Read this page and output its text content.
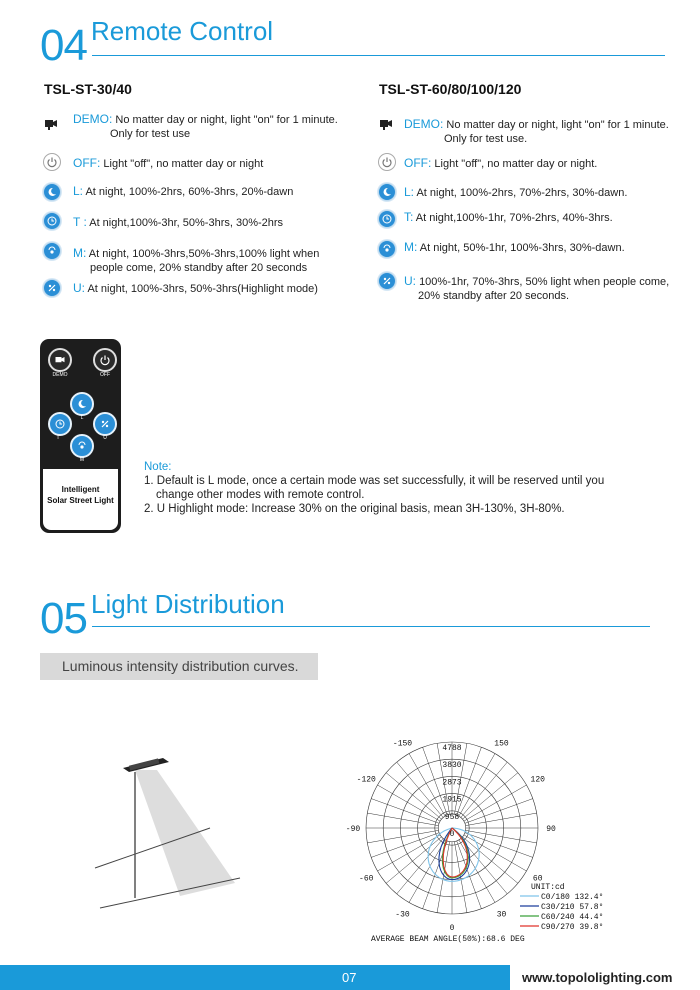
04 Remote Control
TSL-ST-30/40
DEMO: No matter day or night, light "on" for 1 minute.
Only for test use
OFF: Light "off", no matter day or night
L: At night, 100%-2hrs, 60%-3hrs, 20%-dawn
T : At night,100%-3hr, 50%-3hrs, 30%-2hrs
M: At night, 100%-3hrs,50%-3hrs,100% light when
people come, 20% standby after 20 seconds
U: At night, 100%-3hrs, 50%-3hrs(Highlight mode)
TSL-ST-60/80/100/120
DEMO: No matter day or night, light "on" for 1 minute.
Only for test use.
OFF: Light "off", no matter day or night.
L: At night, 100%-2hrs, 70%-2hrs, 30%-dawn.
T: At night,100%-1hr, 70%-2hrs, 40%-3hrs.
M: At night, 50%-1hr, 100%-3hrs, 30%-dawn.
U: 100%-1hr, 70%-3hrs, 50% light when people come,
20% standby after 20 seconds.
DEMO	OFF
L
T	U
M
Intelligent
Solar Street Light
Note:
1. Default is L mode, once a certain mode was set successfully, it will be reserved until you
change other modes with remote control.
2. U Highlight mode: Increase 30% on the original basis, mean 3H-130%, 3H-80%.
05 Light Distribution
Luminous intensity distribution curves.
4788
3830
2873
1915
958
0
-150	150
-120	120
-90	90
-60	60
-30	30
0
UNIT:cd
C0/180 132.4°
C30/210 57.8°
C60/240 44.4°
C90/270 39.8°
AVERAGE BEAM ANGLE(50%):68.6 DEG
07	www.topololighting.com
